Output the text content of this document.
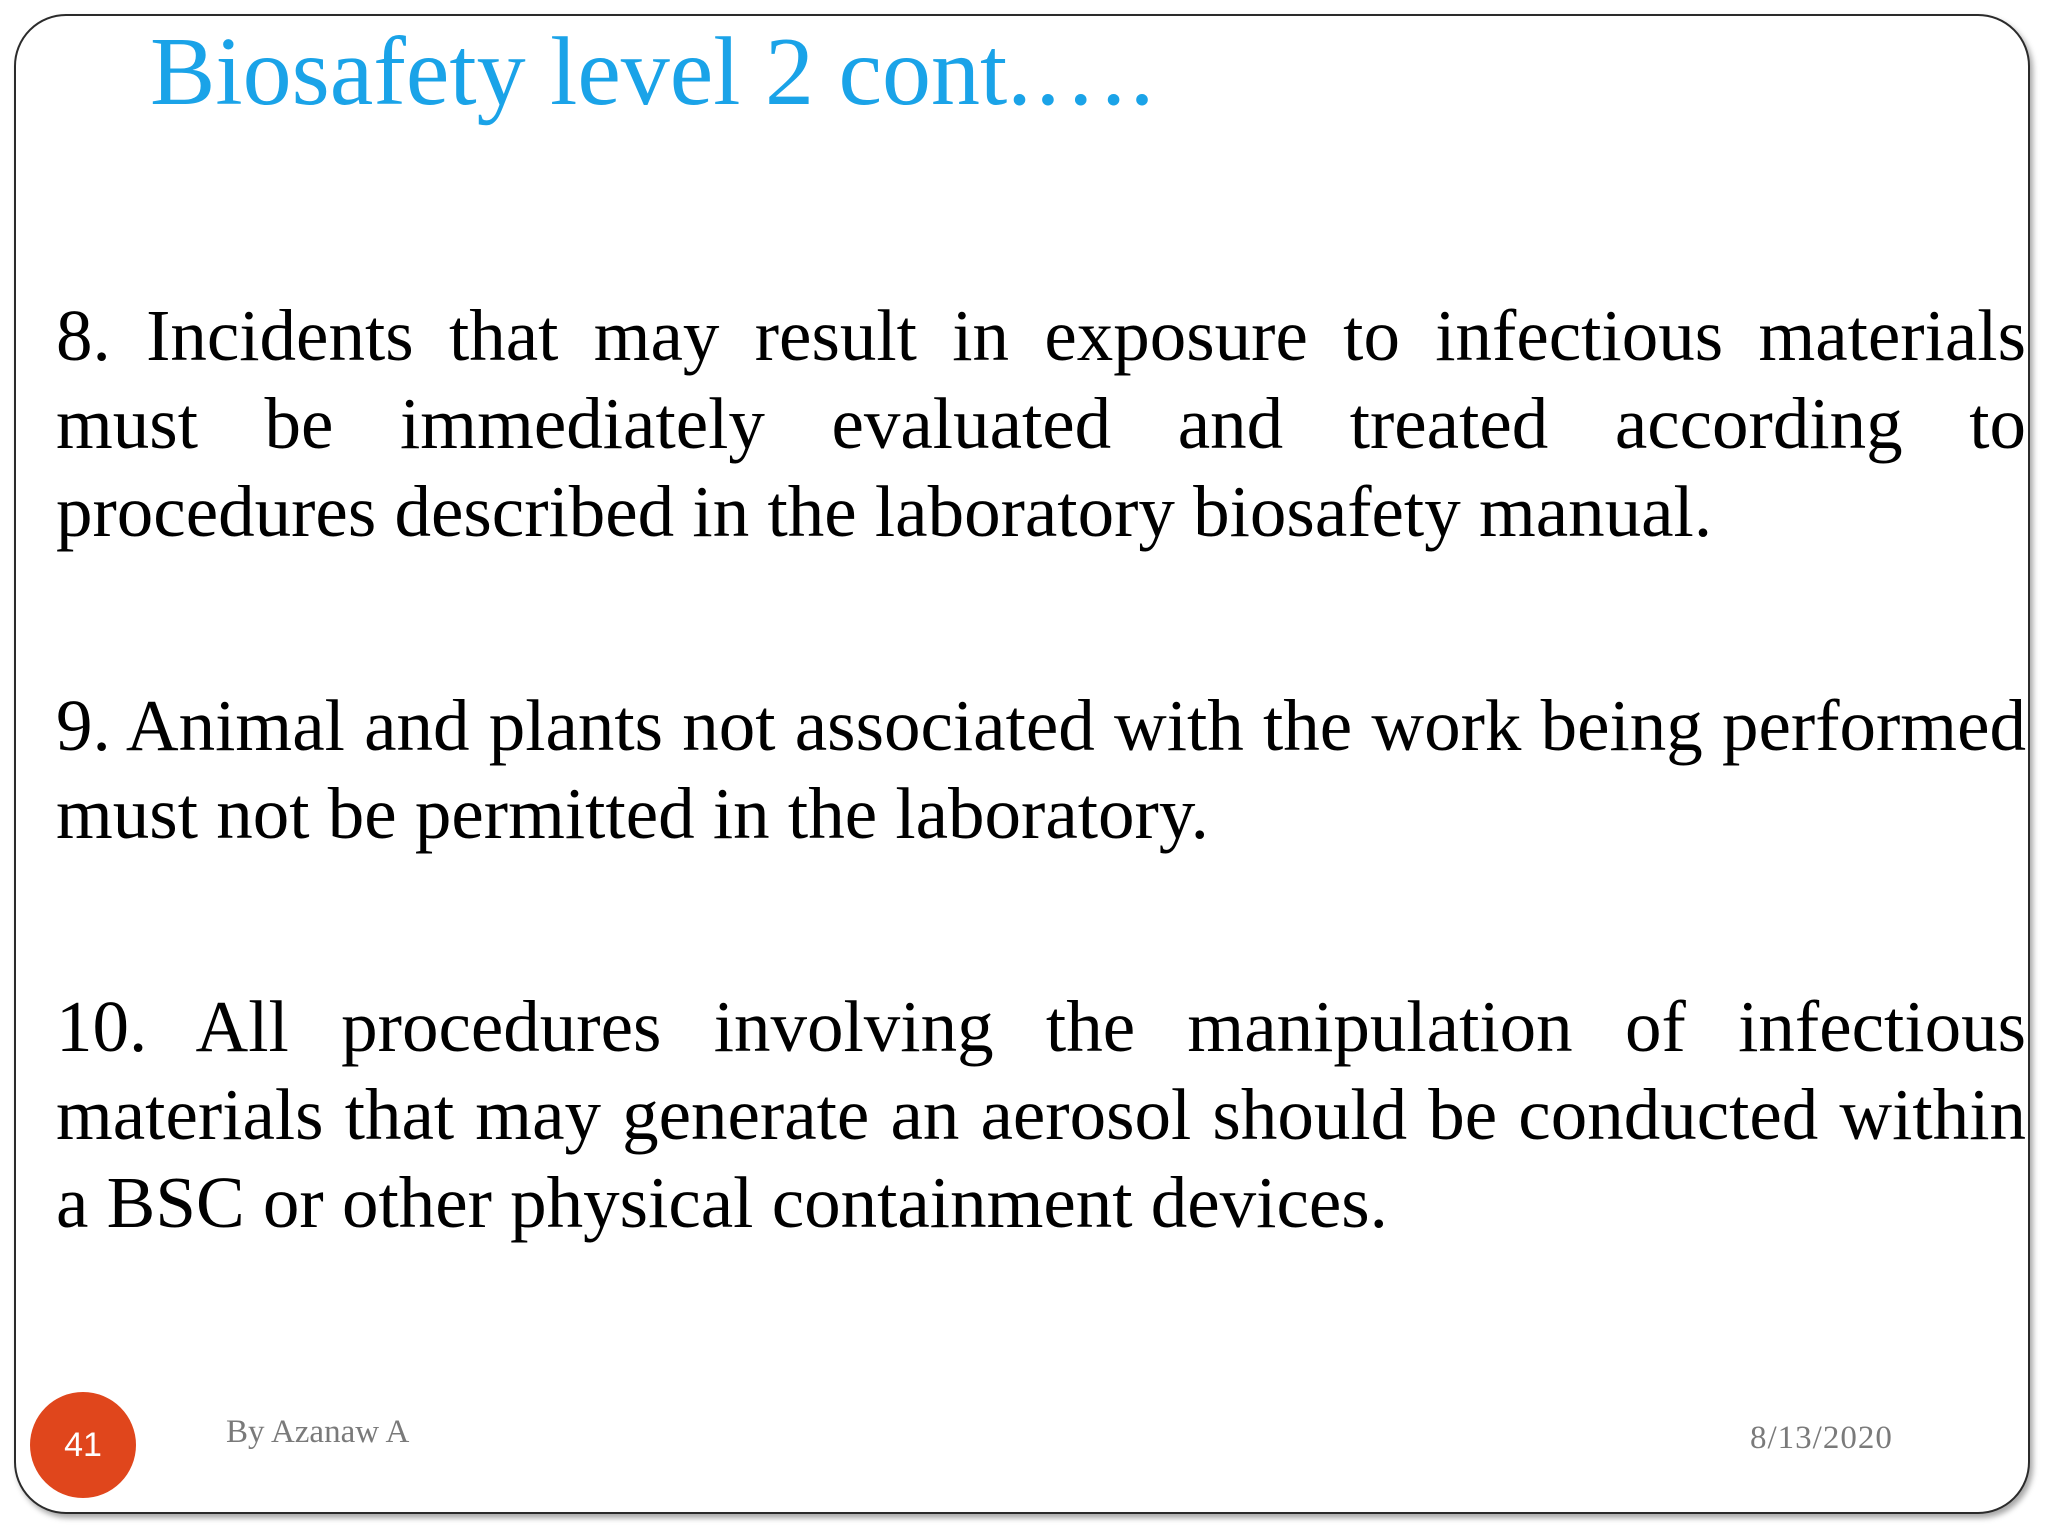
Biosafety level 2 cont.….

8. Incidents that may result in exposure to infectious materials must be immediately evaluated and treated according to procedures described in the laboratory biosafety manual.

9. Animal and plants not associated with the work being performed must not be permitted in the laboratory.

10. All procedures involving the manipulation of infectious materials that may generate an aerosol should be conducted within a BSC or other physical containment devices.

41	By Azanaw A	8/13/2020
